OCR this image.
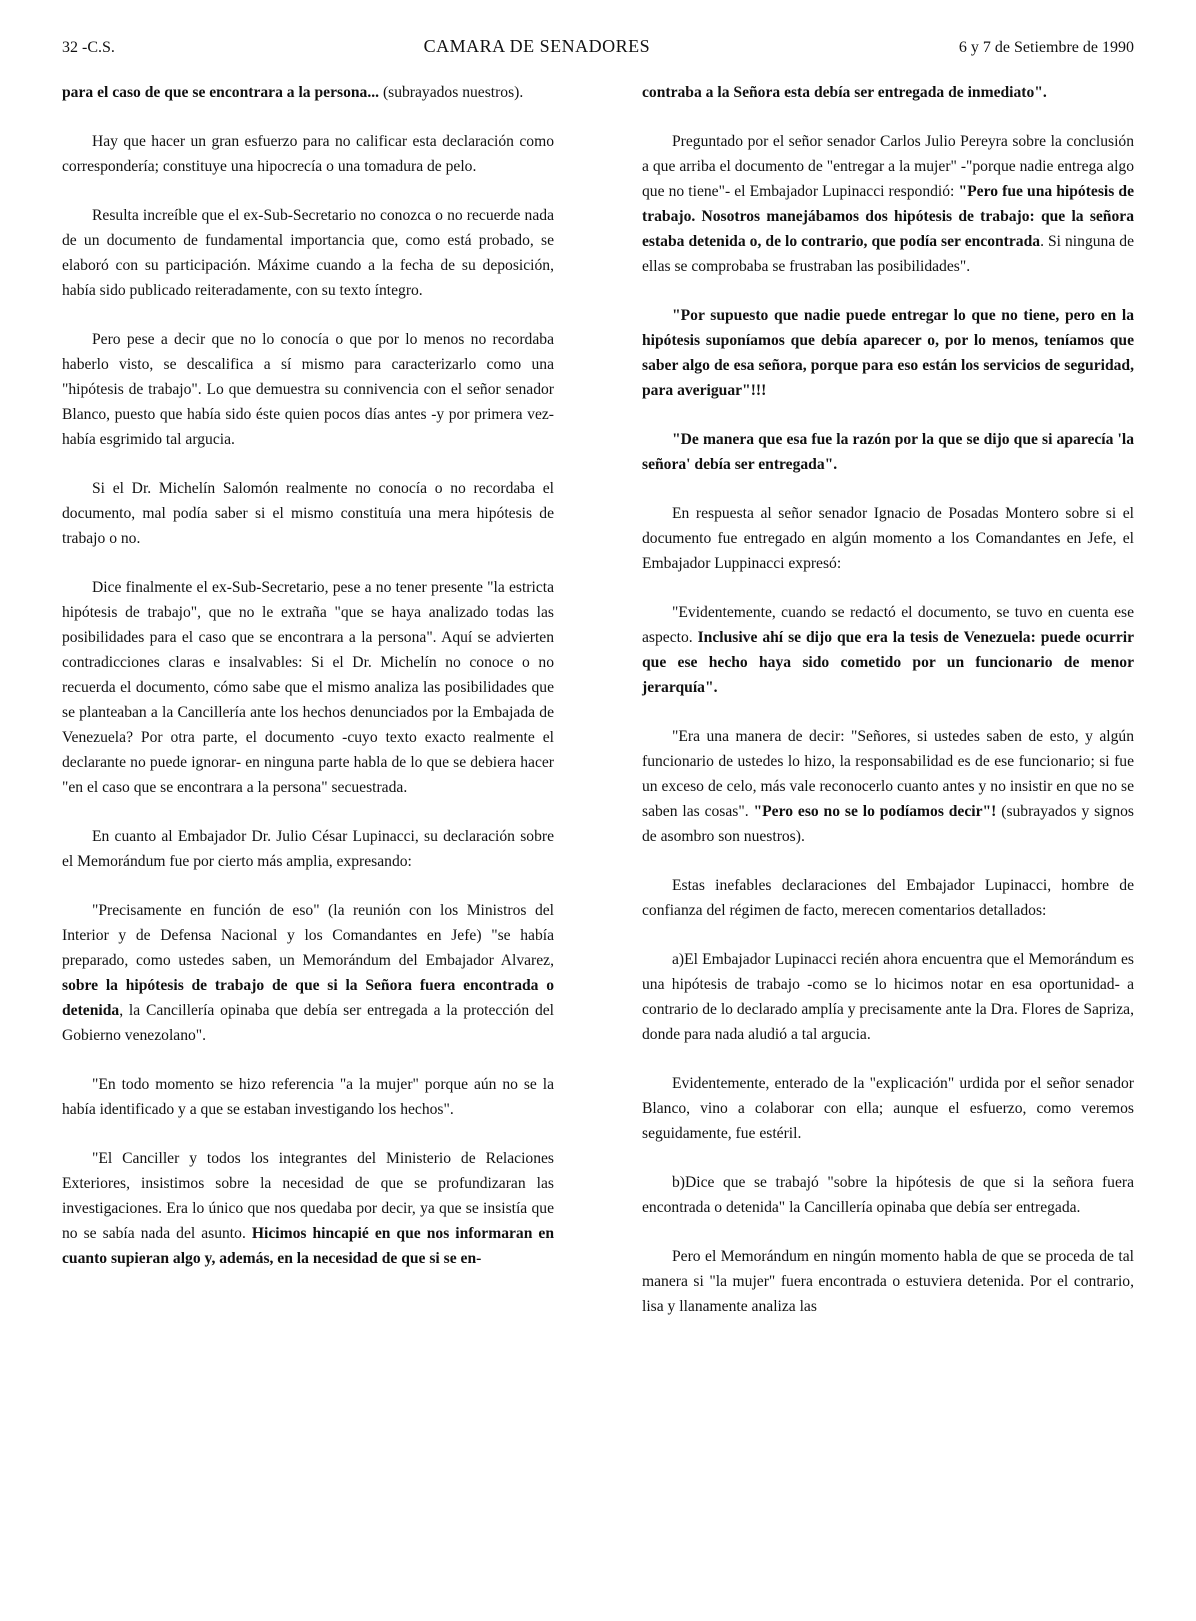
32 -C.S.	CAMARA DE SENADORES	6 y 7 de Setiembre de 1990

para el caso de que se encontrara a la persona... (subrayados nuestros).

Hay que hacer un gran esfuerzo para no calificar esta declaración como correspondería; constituye una hipocrecía o una tomadura de pelo.

Resulta increíble que el ex-Sub-Secretario no conozca o no recuerde nada de un documento de fundamental importancia que, como está probado, se elaboró con su participación. Máxime cuando a la fecha de su deposición, había sido publicado reiteradamente, con su texto íntegro.

Pero pese a decir que no lo conocía o que por lo menos no recordaba haberlo visto, se descalifica a sí mismo para caracterizarlo como una "hipótesis de trabajo". Lo que demuestra su connivencia con el señor senador Blanco, puesto que había sido éste quien pocos días antes -y por primera vez- había esgrimido tal argucia.

Si el Dr. Michelín Salomón realmente no conocía o no recordaba el documento, mal podía saber si el mismo constituía una mera hipótesis de trabajo o no.

Dice finalmente el ex-Sub-Secretario, pese a no tener presente "la estricta hipótesis de trabajo", que no le extraña "que se haya analizado todas las posibilidades para el caso que se encontrara a la persona". Aquí se advierten contradicciones claras e insalvables: Si el Dr. Michelín no conoce o no recuerda el documento, cómo sabe que el mismo analiza las posibilidades que se planteaban a la Cancillería ante los hechos denunciados por la Embajada de Venezuela? Por otra parte, el documento -cuyo texto exacto realmente el declarante no puede ignorar- en ninguna parte habla de lo que se debiera hacer "en el caso que se encontrara a la persona" secuestrada.

En cuanto al Embajador Dr. Julio César Lupinacci, su declaración sobre el Memorándum fue por cierto más amplia, expresando:

"Precisamente en función de eso" (la reunión con los Ministros del Interior y de Defensa Nacional y los Comandantes en Jefe) "se había preparado, como ustedes saben, un Memorándum del Embajador Alvarez, sobre la hipótesis de trabajo de que si la Señora fuera encontrada o detenida, la Cancillería opinaba que debía ser entregada a la protección del Gobierno venezolano".

"En todo momento se hizo referencia "a la mujer" porque aún no se la había identificado y a que se estaban investigando los hechos".

"El Canciller y todos los integrantes del Ministerio de Relaciones Exteriores, insistimos sobre la necesidad de que se profundizaran las investigaciones. Era lo único que nos quedaba por decir, ya que se insistía que no se sabía nada del asunto. Hicimos hincapié en que nos informaran en cuanto supieran algo y, además, en la necesidad de que si se en-

contraba a la Señora esta debía ser entregada de inmediato".

Preguntado por el señor senador Carlos Julio Pereyra sobre la conclusión a que arriba el documento de "entregar a la mujer" -"porque nadie entrega algo que no tiene"- el Embajador Lupinacci respondió: "Pero fue una hipótesis de trabajo. Nosotros manejábamos dos hipótesis de trabajo: que la señora estaba detenida o, de lo contrario, que podía ser encontrada. Si ninguna de ellas se comprobaba se frustraban las posibilidades".

"Por supuesto que nadie puede entregar lo que no tiene, pero en la hipótesis suponíamos que debía aparecer o, por lo menos, teníamos que saber algo de esa señora, porque para eso están los servicios de seguridad, para averiguar"!!!

"De manera que esa fue la razón por la que se dijo que si aparecía 'la señora' debía ser entregada".

En respuesta al señor senador Ignacio de Posadas Montero sobre si el documento fue entregado en algún momento a los Comandantes en Jefe, el Embajador Luppinacci expresó:

"Evidentemente, cuando se redactó el documento, se tuvo en cuenta ese aspecto. Inclusive ahí se dijo que era la tesis de Venezuela: puede ocurrir que ese hecho haya sido cometido por un funcionario de menor jerarquía".

"Era una manera de decir: "Señores, si ustedes saben de esto, y algún funcionario de ustedes lo hizo, la responsabilidad es de ese funcionario; si fue un exceso de celo, más vale reconocerlo cuanto antes y no insistir en que no se saben las cosas". "Pero eso no se lo podíamos decir"! (subrayados y signos de asombro son nuestros).

Estas inefables declaraciones del Embajador Lupinacci, hombre de confianza del régimen de facto, merecen comentarios detallados:

a)El Embajador Lupinacci recién ahora encuentra que el Memorándum es una hipótesis de trabajo -como se lo hicimos notar en esa oportunidad- a contrario de lo declarado amplía y precisamente ante la Dra. Flores de Sapriza, donde para nada aludió a tal argucia.

Evidentemente, enterado de la "explicación" urdida por el señor senador Blanco, vino a colaborar con ella; aunque el esfuerzo, como veremos seguidamente, fue estéril.

b)Dice que se trabajó "sobre la hipótesis de que si la señora fuera encontrada o detenida" la Cancillería opinaba que debía ser entregada.

Pero el Memorándum en ningún momento habla de que se proceda de tal manera si "la mujer" fuera encontrada o estuviera detenida. Por el contrario, lisa y llanamente analiza las
